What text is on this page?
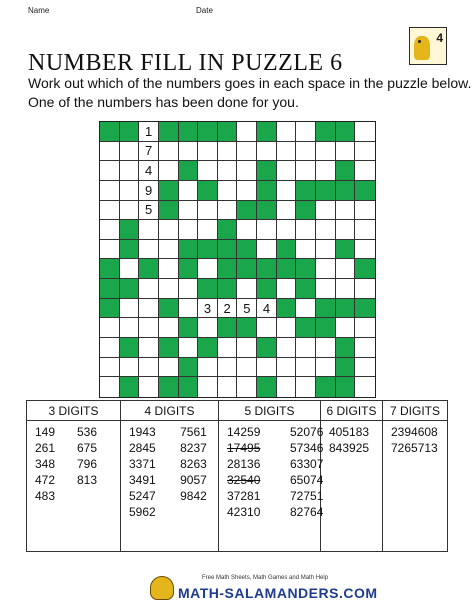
Name	Date
NUMBER FILL IN PUZZLE 6
Work out which of the numbers goes in each space in the puzzle below.
One of the numbers has been done for you.
4
1
7
4
9
5
3 2 5 4
3 DIGITS
149
261
348
472
483
536
675
796
813
4 DIGITS
1943
2845
3371
3491
5247
5962
7561
8237
8263
9057
9842
5 DIGITS
14259
17495
28136
32540
37281
42310
52076
57346
63307
65074
72751
82764
6 DIGITS
405183
843925
7 DIGITS
2394608
7265713
Free Math Sheets, Math Games and Math Help
MATH-SALAMANDERS.COM
